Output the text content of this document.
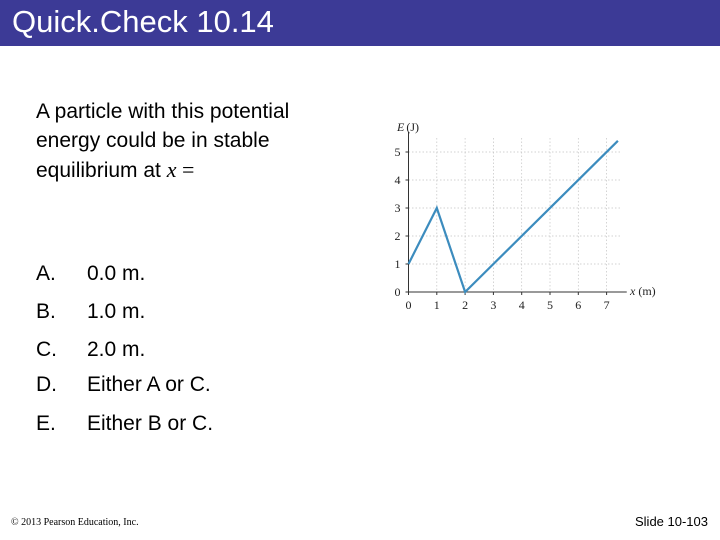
Quick.Check 10.14
A particle with this potential
energy could be in stable
equilibrium at x =
A. 0.0 m.
B. 1.0 m.
C. 2.0 m.
D. Either A or C.
E. Either B or C.
0 1 2 3 4 5 6 7
0
1
2
3
4
5
E (J)
x (m)
© 2013 Pearson Education, Inc.	Slide 10-103
